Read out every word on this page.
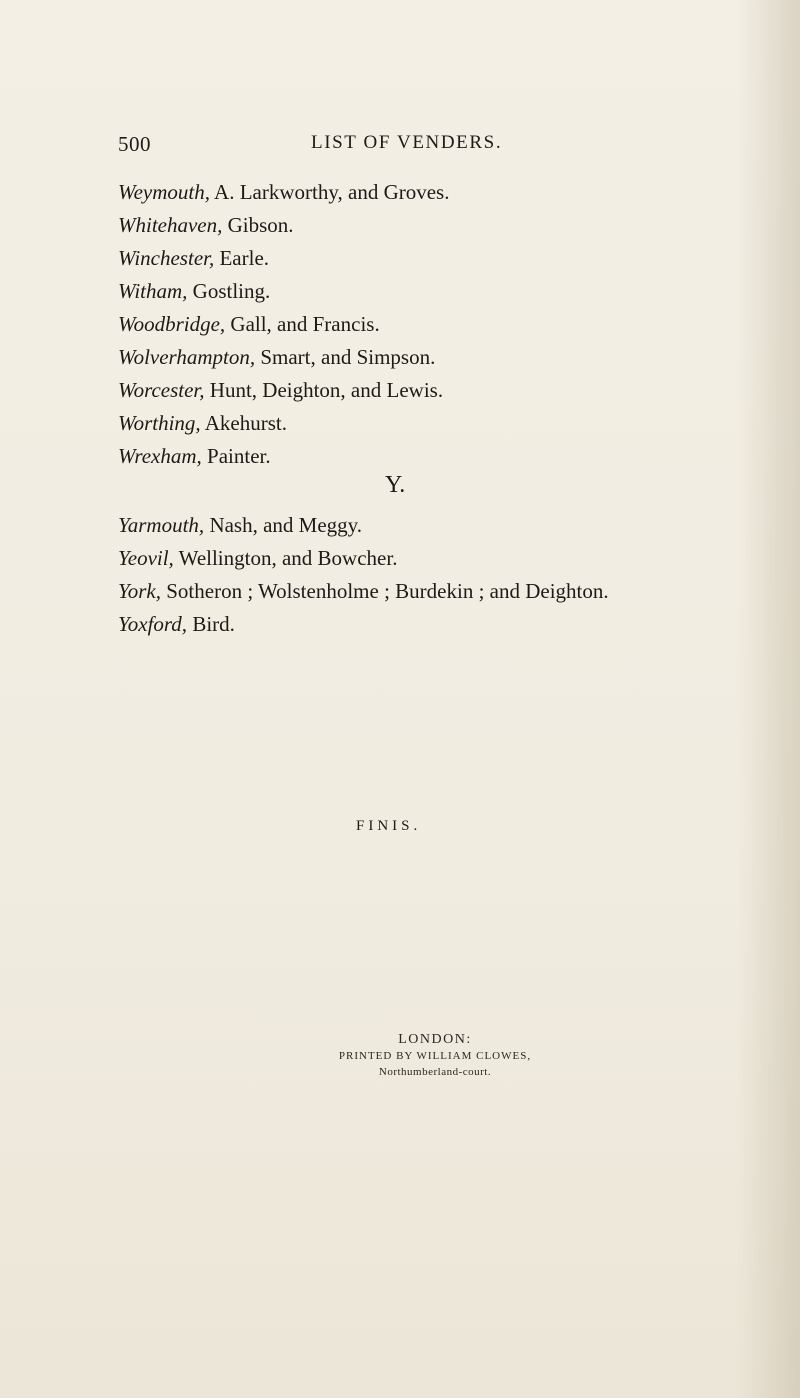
500	LIST OF VENDERS.
Weymouth, A. Larkworthy, and Groves.
Whitehaven, Gibson.
Winchester, Earle.
Witham, Gostling.
Woodbridge, Gall, and Francis.
Wolverhampton, Smart, and Simpson.
Worcester, Hunt, Deighton, and Lewis.
Worthing, Akehurst.
Wrexham, Painter.
Yarmouth, Nash, and Meggy.
Yeovil, Wellington, and Bowcher.
York, Sotheron ; Wolstenholme ; Burdekin ; and Deighton.
Yoxford, Bird.
Y.
FINIS.
LONDON:
PRINTED BY WILLIAM CLOWES,
Northumberland-court.
